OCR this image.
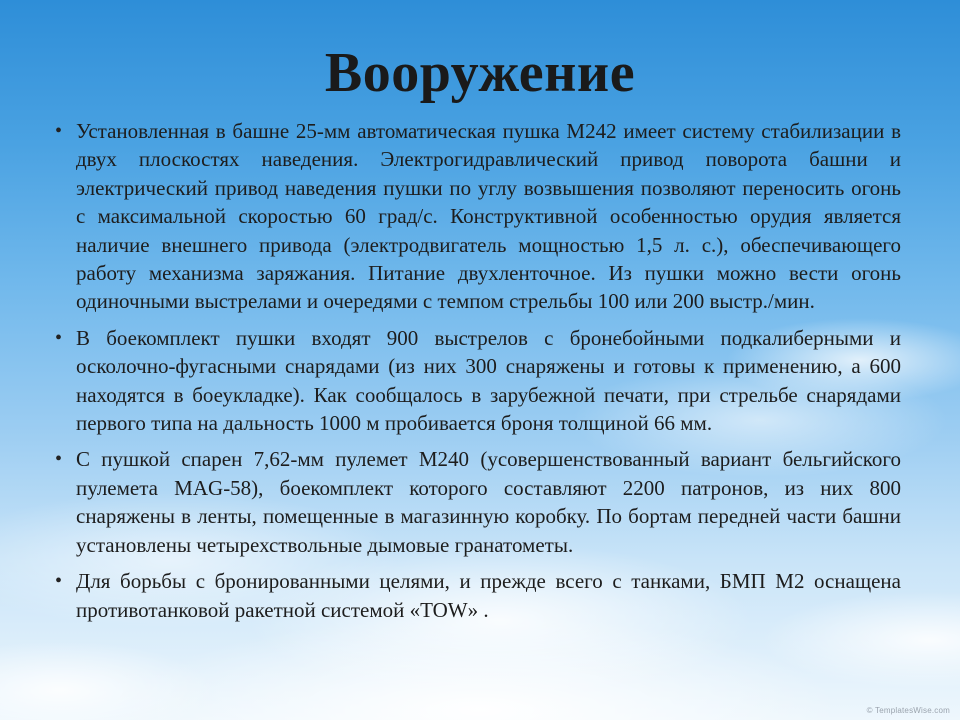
Вооружение
• Установленная в башне 25-мм автоматическая пушка M242 имеет систему стабилизации в двух плоскостях наведения. Электрогидравлический привод поворота башни и электрический привод наведения пушки по углу возвышения позволяют переносить огонь с максимальной скоростью 60 град/с. Конструктивной особенностью орудия является наличие внешнего привода (электродвигатель мощностью 1,5 л. с.), обеспечивающего работу механизма заряжания. Питание двухленточное. Из пушки можно вести огонь одиночными выстрелами и очередями с темпом стрельбы 100 или 200 выстр./мин.
• В боекомплект пушки входят 900 выстрелов с бронебойными подкалиберными и осколочно-фугасными снарядами (из них 300 снаряжены и готовы к применению, а 600 находятся в боеукладке). Как сообщалось в зарубежной печати, при стрельбе снарядами первого типа на дальность 1000 м пробивается броня толщиной 66 мм.
• С пушкой спарен 7,62-мм пулемет M240 (усовершенствованный вариант бельгийского пулемета MAG-58), боекомплект которого составляют 2200 патронов, из них 800 снаряжены в ленты, помещенные в магазинную коробку. По бортам передней части башни установлены четырехствольные дымовые гранатометы.
• Для борьбы с бронированными целями, и прежде всего с танками, БМП M2 оснащена противотанковой ракетной системой «TOW» .
© TemplatesWise.com
